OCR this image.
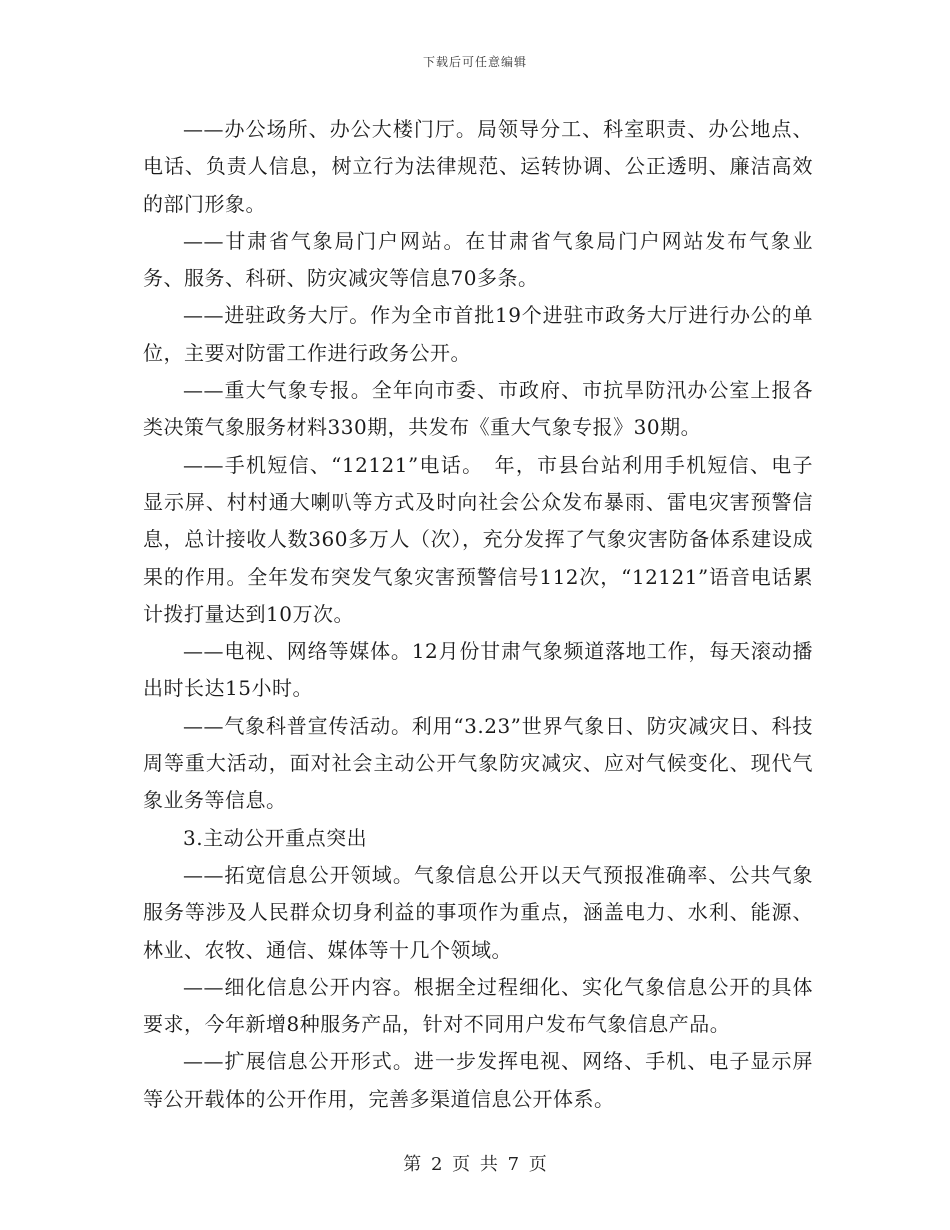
下载后可任意编辑

——办公场所、办公大楼门厅。局领导分工、科室职责、办公地点、电话、负责人信息，树立行为法律规范、运转协调、公正透明、廉洁高效的部门形象。

——甘肃省气象局门户网站。在甘肃省气象局门户网站发布气象业务、服务、科研、防灾减灾等信息70多条。

——进驻政务大厅。作为全市首批19个进驻市政务大厅进行办公的单位，主要对防雷工作进行政务公开。

——重大气象专报。全年向市委、市政府、市抗旱防汛办公室上报各类决策气象服务材料330期，共发布《重大气象专报》30期。

——手机短信、“12121”电话。　年，市县台站利用手机短信、电子显示屏、村村通大喇叭等方式及时向社会公众发布暴雨、雷电灾害预警信息，总计接收人数360多万人（次），充分发挥了气象灾害防备体系建设成果的作用。全年发布突发气象灾害预警信号112次，“12121”语音电话累计拨打量达到10万次。

——电视、网络等媒体。12月份甘肃气象频道落地工作，每天滚动播出时长达15小时。

——气象科普宣传活动。利用“3.23”世界气象日、防灾减灾日、科技周等重大活动，面对社会主动公开气象防灾减灾、应对气候变化、现代气象业务等信息。

3.主动公开重点突出

——拓宽信息公开领域。气象信息公开以天气预报准确率、公共气象服务等涉及人民群众切身利益的事项作为重点，涵盖电力、水利、能源、林业、农牧、通信、媒体等十几个领域。

——细化信息公开内容。根据全过程细化、实化气象信息公开的具体要求，今年新增8种服务产品，针对不同用户发布气象信息产品。

——扩展信息公开形式。进一步发挥电视、网络、手机、电子显示屏等公开载体的公开作用，完善多渠道信息公开体系。

第 2 页 共 7 页
